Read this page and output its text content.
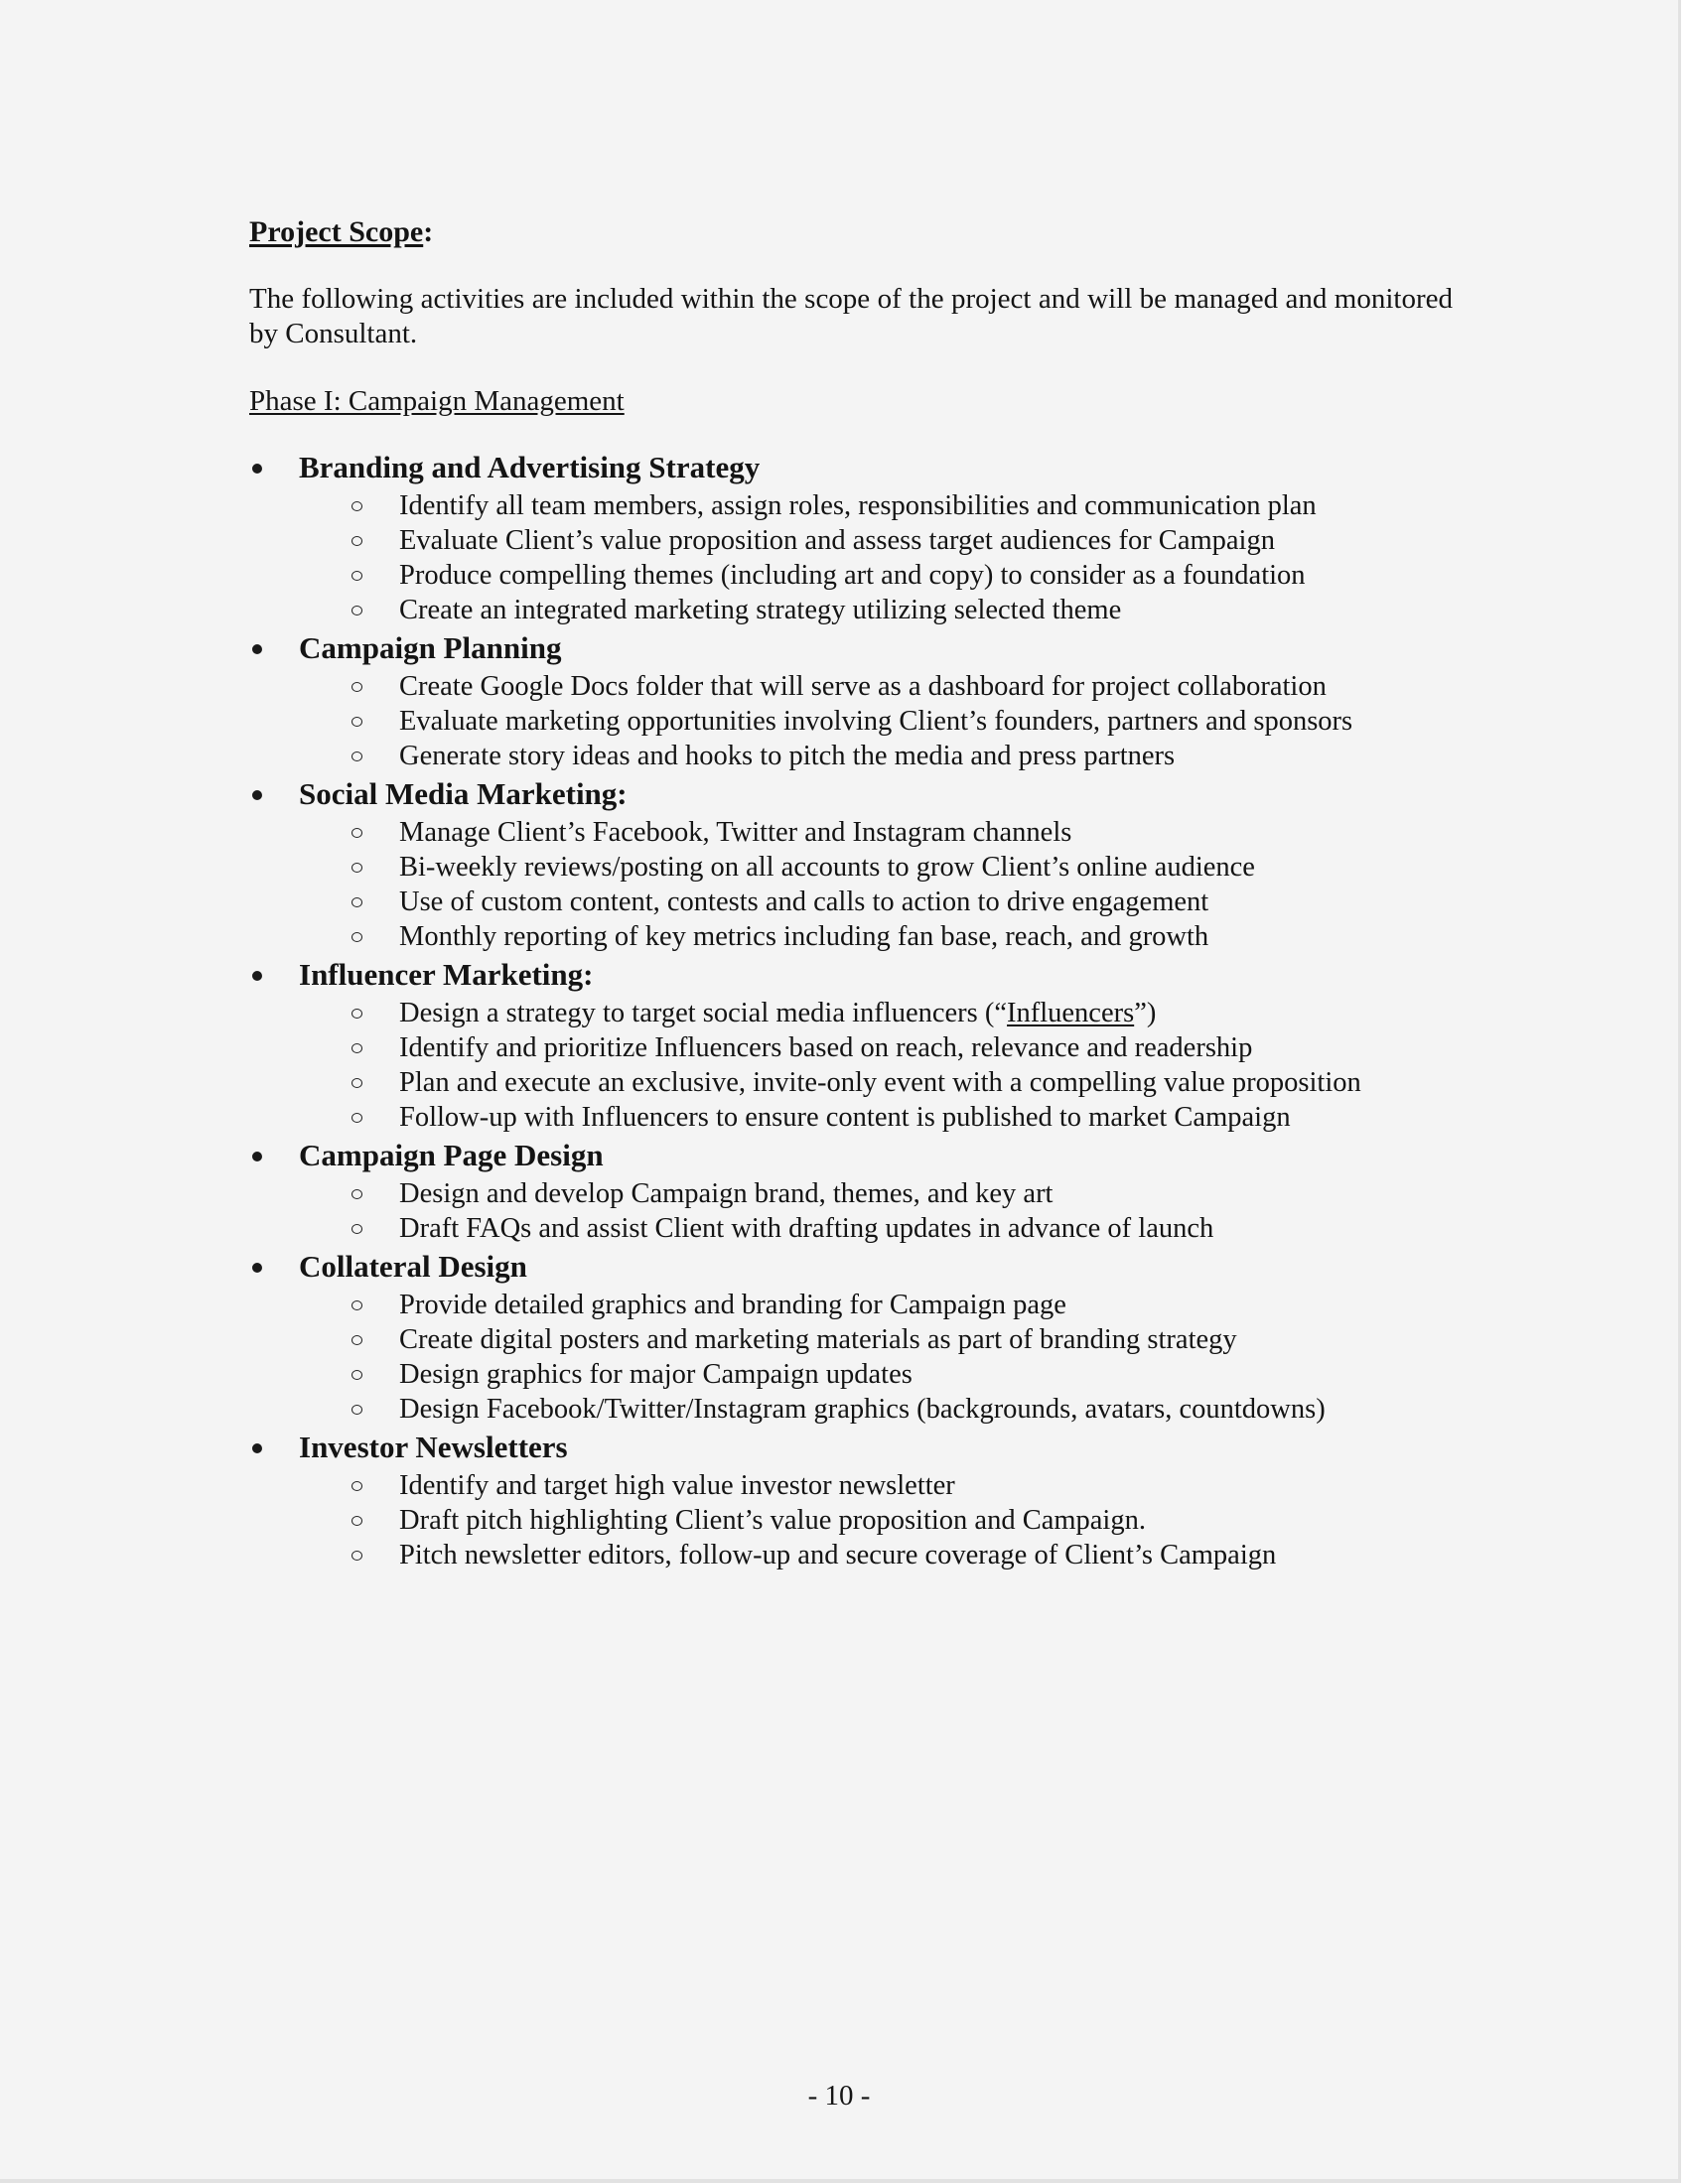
Project Scope:

The following activities are included within the scope of the project and will be managed and monitored by Consultant.

Phase I: Campaign Management

Branding and Advertising Strategy
Identify all team members, assign roles, responsibilities and communication plan
Evaluate Client’s value proposition and assess target audiences for Campaign
Produce compelling themes (including art and copy) to consider as a foundation
Create an integrated marketing strategy utilizing selected theme
Campaign Planning
Create Google Docs folder that will serve as a dashboard for project collaboration
Evaluate marketing opportunities involving Client’s founders, partners and sponsors
Generate story ideas and hooks to pitch the media and press partners
Social Media Marketing:
Manage Client’s Facebook, Twitter and Instagram channels
Bi-weekly reviews/posting on all accounts to grow Client’s online audience
Use of custom content, contests and calls to action to drive engagement
Monthly reporting of key metrics including fan base, reach, and growth
Influencer Marketing:
Design a strategy to target social media influencers (“Influencers”)
Identify and prioritize Influencers based on reach, relevance and readership
Plan and execute an exclusive, invite-only event with a compelling value proposition
Follow-up with Influencers to ensure content is published to market Campaign
Campaign Page Design
Design and develop Campaign brand, themes, and key art
Draft FAQs and assist Client with drafting updates in advance of launch
Collateral Design
Provide detailed graphics and branding for Campaign page
Create digital posters and marketing materials as part of branding strategy
Design graphics for major Campaign updates
Design Facebook/Twitter/Instagram graphics (backgrounds, avatars, countdowns)
Investor Newsletters
Identify and target high value investor newsletter
Draft pitch highlighting Client’s value proposition and Campaign.
Pitch newsletter editors, follow-up and secure coverage of Client’s Campaign
- 10 -
